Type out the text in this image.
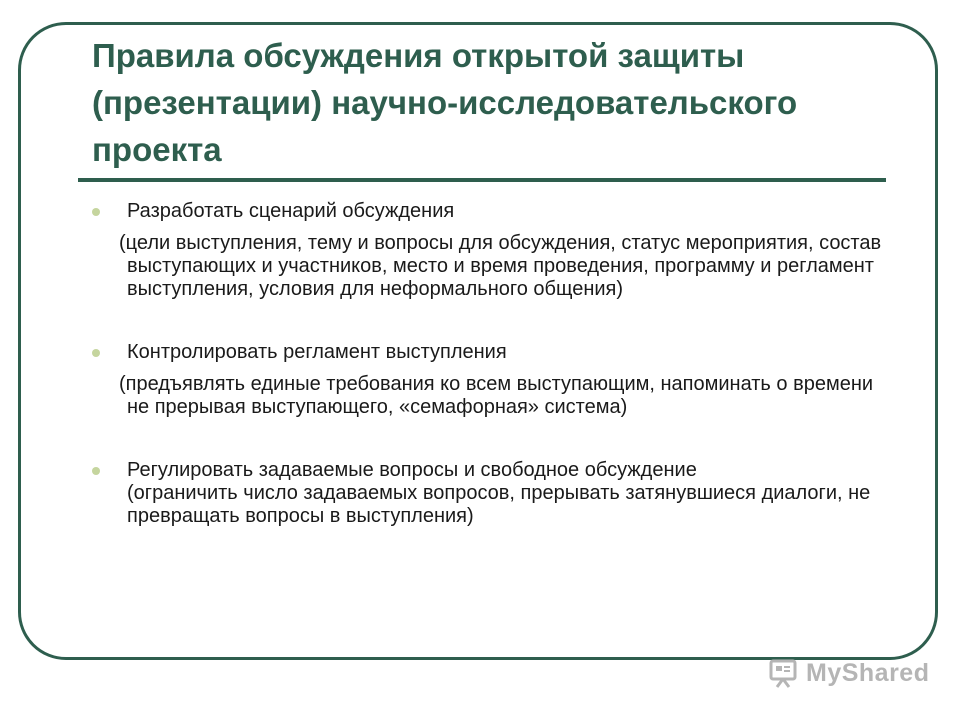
Правила обсуждения открытой защиты (презентации) научно-исследовательского проекта
Разработать сценарий обсуждения
(цели выступления, тему и вопросы для обсуждения, статус мероприятия, состав выступающих и участников, место и время проведения, программу и регламент выступления, условия для неформального общения)
Контролировать регламент выступления
(предъявлять единые требования ко всем выступающим, напоминать о времени не прерывая выступающего, «семафорная» система)
Регулировать задаваемые вопросы и свободное обсуждение
(ограничить число задаваемых вопросов, прерывать затянувшиеся диалоги, не превращать вопросы в выступления)
MyShared
